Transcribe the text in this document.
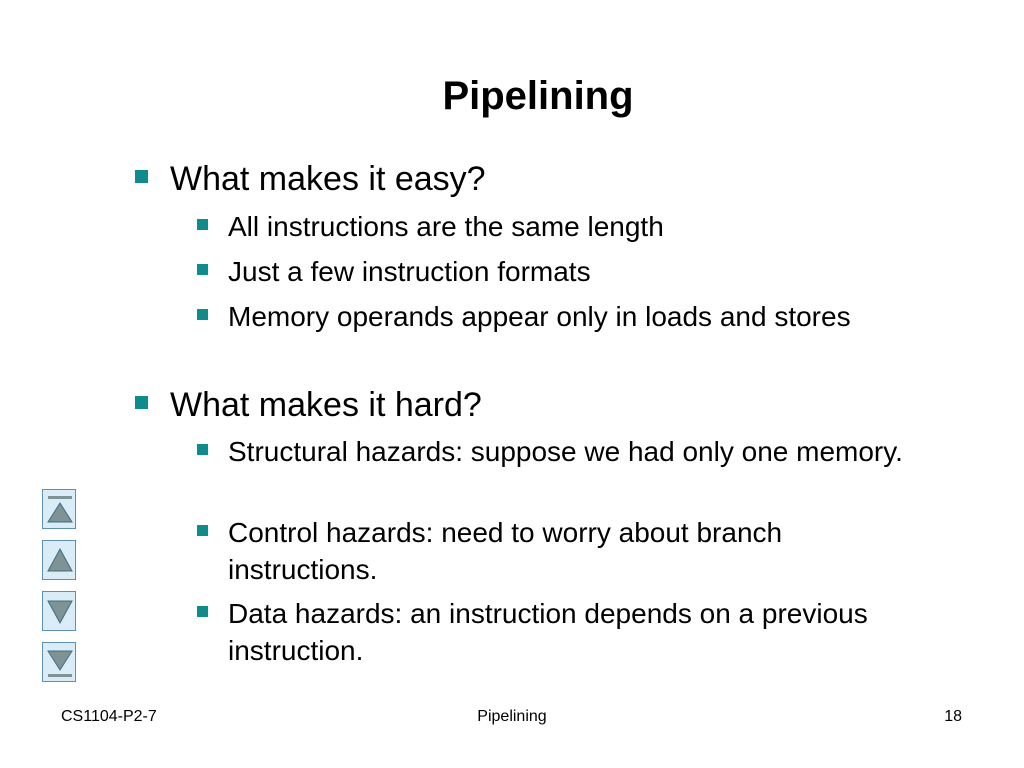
Pipelining
What makes it easy?
All instructions are the same length
Just a few instruction formats
Memory operands appear only in loads and stores
What makes it hard?
Structural hazards: suppose we had only one memory.
Control hazards: need to worry about branch instructions.
Data hazards: an instruction depends on a previous instruction.
CS1104-P2-7	Pipelining	18
